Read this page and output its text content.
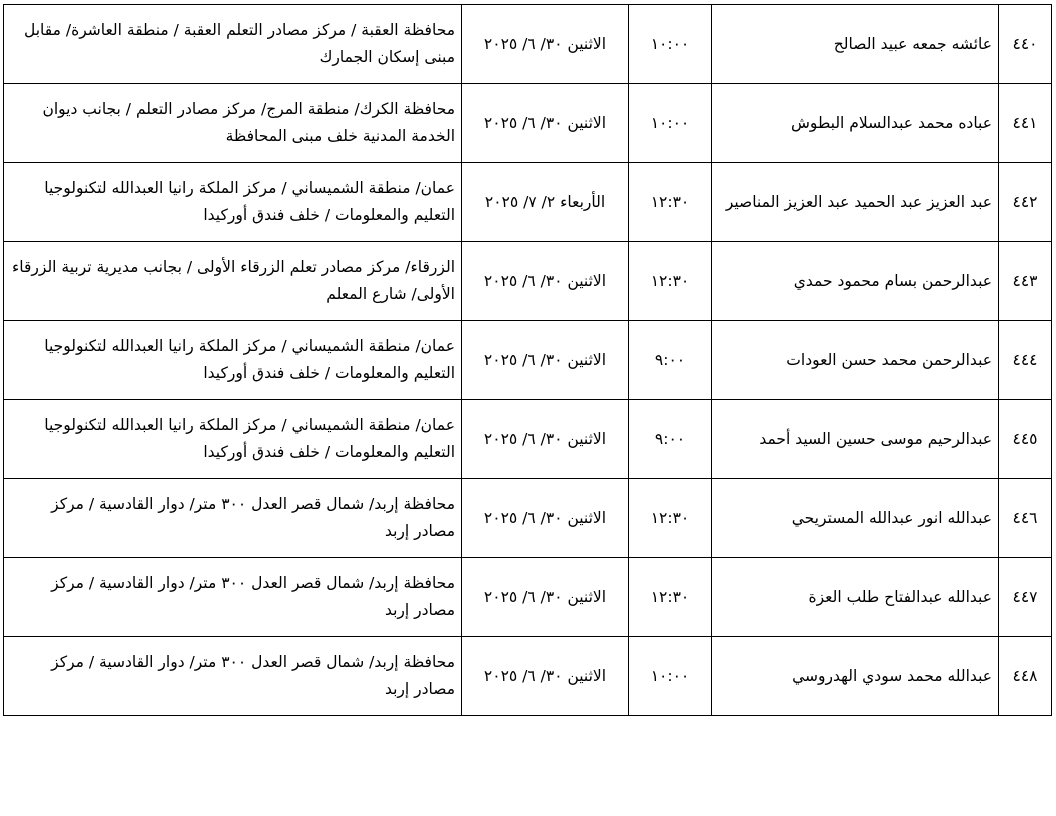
٤٤٠	عائشه جمعه عبيد الصالح	١٠:٠٠	الاثنين ٣٠/ ٦/ ٢٠٢٥	محافظة العقبة / مركز مصادر التعلم العقبة / منطقة العاشرة/ مقابل مبنى إسكان الجمارك

٤٤١	عباده محمد عبدالسلام البطوش	١٠:٠٠	الاثنين ٣٠/ ٦/ ٢٠٢٥	محافظة الكرك/ منطقة المرج/ مركز مصادر التعلم / بجانب ديوان الخدمة المدنية خلف مبنى المحافظة

٤٤٢	عبد العزيز عبد الحميد عبد العزيز المناصير	١٢:٣٠	الأربعاء ٢/ ٧/ ٢٠٢٥	عمان/ منطقة الشميساني / مركز الملكة رانيا العبدالله لتكنولوجيا التعليم والمعلومات / خلف فندق أوركيدا

٤٤٣	عبدالرحمن بسام محمود حمدي	١٢:٣٠	الاثنين ٣٠/ ٦/ ٢٠٢٥	الزرقاء/ مركز مصادر تعلم الزرقاء الأولى / بجانب مديرية تربية الزرقاء الأولى/ شارع المعلم

٤٤٤	عبدالرحمن محمد حسن العودات	٩:٠٠	الاثنين ٣٠/ ٦/ ٢٠٢٥	عمان/ منطقة الشميساني / مركز الملكة رانيا العبدالله لتكنولوجيا التعليم والمعلومات / خلف فندق أوركيدا

٤٤٥	عبدالرحيم موسى حسين السيد أحمد	٩:٠٠	الاثنين ٣٠/ ٦/ ٢٠٢٥	عمان/ منطقة الشميساني / مركز الملكة رانيا العبدالله لتكنولوجيا التعليم والمعلومات / خلف فندق أوركيدا

٤٤٦	عبدالله انور عبدالله المستريحي	١٢:٣٠	الاثنين ٣٠/ ٦/ ٢٠٢٥	محافظة إربد/ شمال قصر العدل ٣٠٠ متر/ دوار القادسية / مركز مصادر إربد

٤٤٧	عبدالله عبدالفتاح طلب العزة	١٢:٣٠	الاثنين ٣٠/ ٦/ ٢٠٢٥	محافظة إربد/ شمال قصر العدل ٣٠٠ متر/ دوار القادسية / مركز مصادر إربد

٤٤٨	عبدالله محمد سودي الهدروسي	١٠:٠٠	الاثنين ٣٠/ ٦/ ٢٠٢٥	محافظة إربد/ شمال قصر العدل ٣٠٠ متر/ دوار القادسية / مركز مصادر إربد
